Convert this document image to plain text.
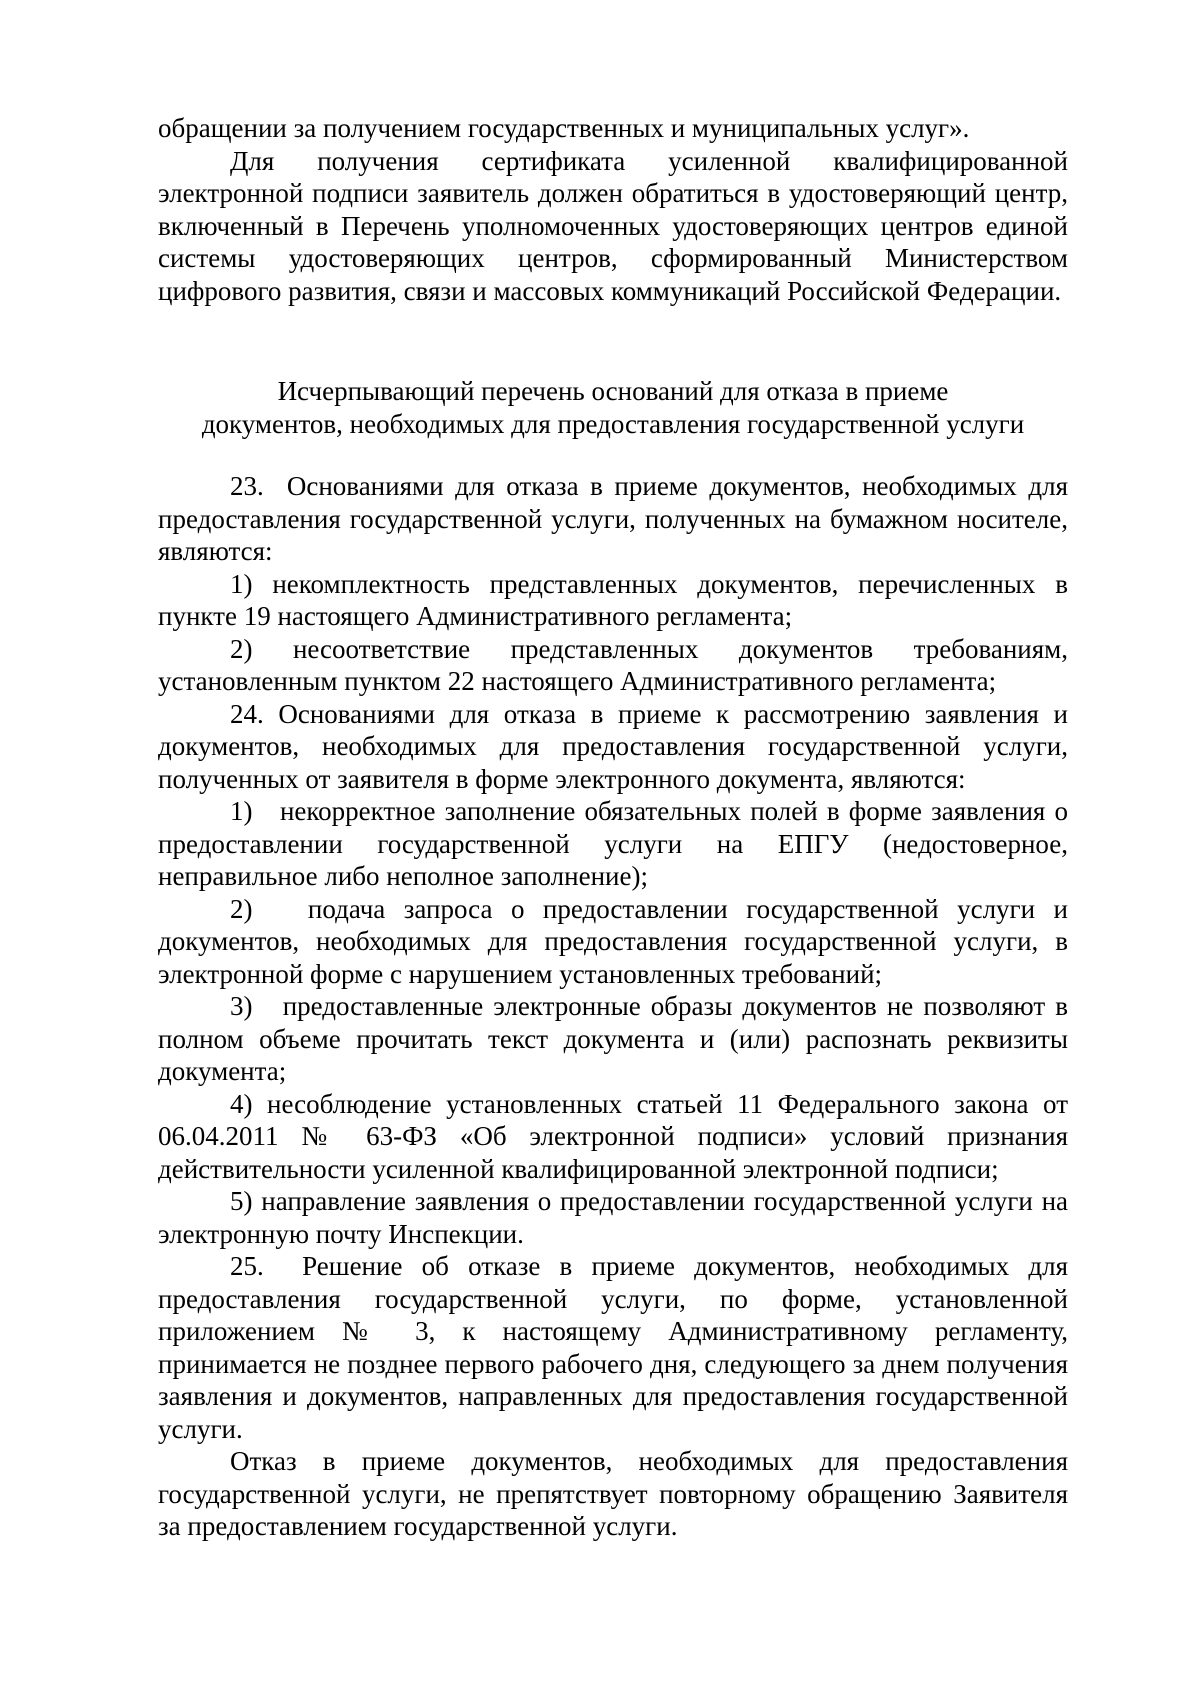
обращении за получением государственных и муниципальных услуг».

Для получения сертификата усиленной квалифицированной электронной подписи заявитель должен обратиться в удостоверяющий центр, включенный в Перечень уполномоченных удостоверяющих центров единой системы удостоверяющих центров, сформированный Министерством цифрового развития, связи и массовых коммуникаций Российской Федерации.

Исчерпывающий перечень оснований для отказа в приеме
документов, необходимых для предоставления государственной услуги

23.  Основаниями для отказа в приеме документов, необходимых для предоставления государственной услуги, полученных на бумажном носителе, являются:

1) некомплектность представленных документов, перечисленных в пункте 19 настоящего Административного регламента;

2) несоответствие представленных документов требованиям, установленным пунктом 22 настоящего Административного регламента;

24. Основаниями для отказа в приеме к рассмотрению заявления и документов, необходимых для предоставления государственной услуги, полученных от заявителя в форме электронного документа, являются:

1)   некорректное заполнение обязательных полей в форме заявления о предоставлении государственной услуги на ЕПГУ (недостоверное, неправильное либо неполное заполнение);

2)   подача запроса о предоставлении государственной услуги и документов, необходимых для предоставления государственной услуги, в электронной форме с нарушением установленных требований;

3)   предоставленные электронные образы документов не позволяют в полном объеме прочитать текст документа и (или) распознать реквизиты документа;

4) несоблюдение установленных статьей 11 Федерального закона от 06.04.2011 № 63-ФЗ «Об электронной подписи» условий признания действительности усиленной квалифицированной электронной подписи;

5) направление заявления о предоставлении государственной услуги на электронную почту Инспекции.

25.  Решение об отказе в приеме документов, необходимых для предоставления государственной услуги, по форме, установленной приложением № 3, к настоящему Административному регламенту, принимается не позднее первого рабочего дня, следующего за днем получения заявления и документов, направленных для предоставления государственной услуги.

Отказ в приеме документов, необходимых для предоставления государственной услуги, не препятствует повторному обращению Заявителя за предоставлением государственной услуги.
